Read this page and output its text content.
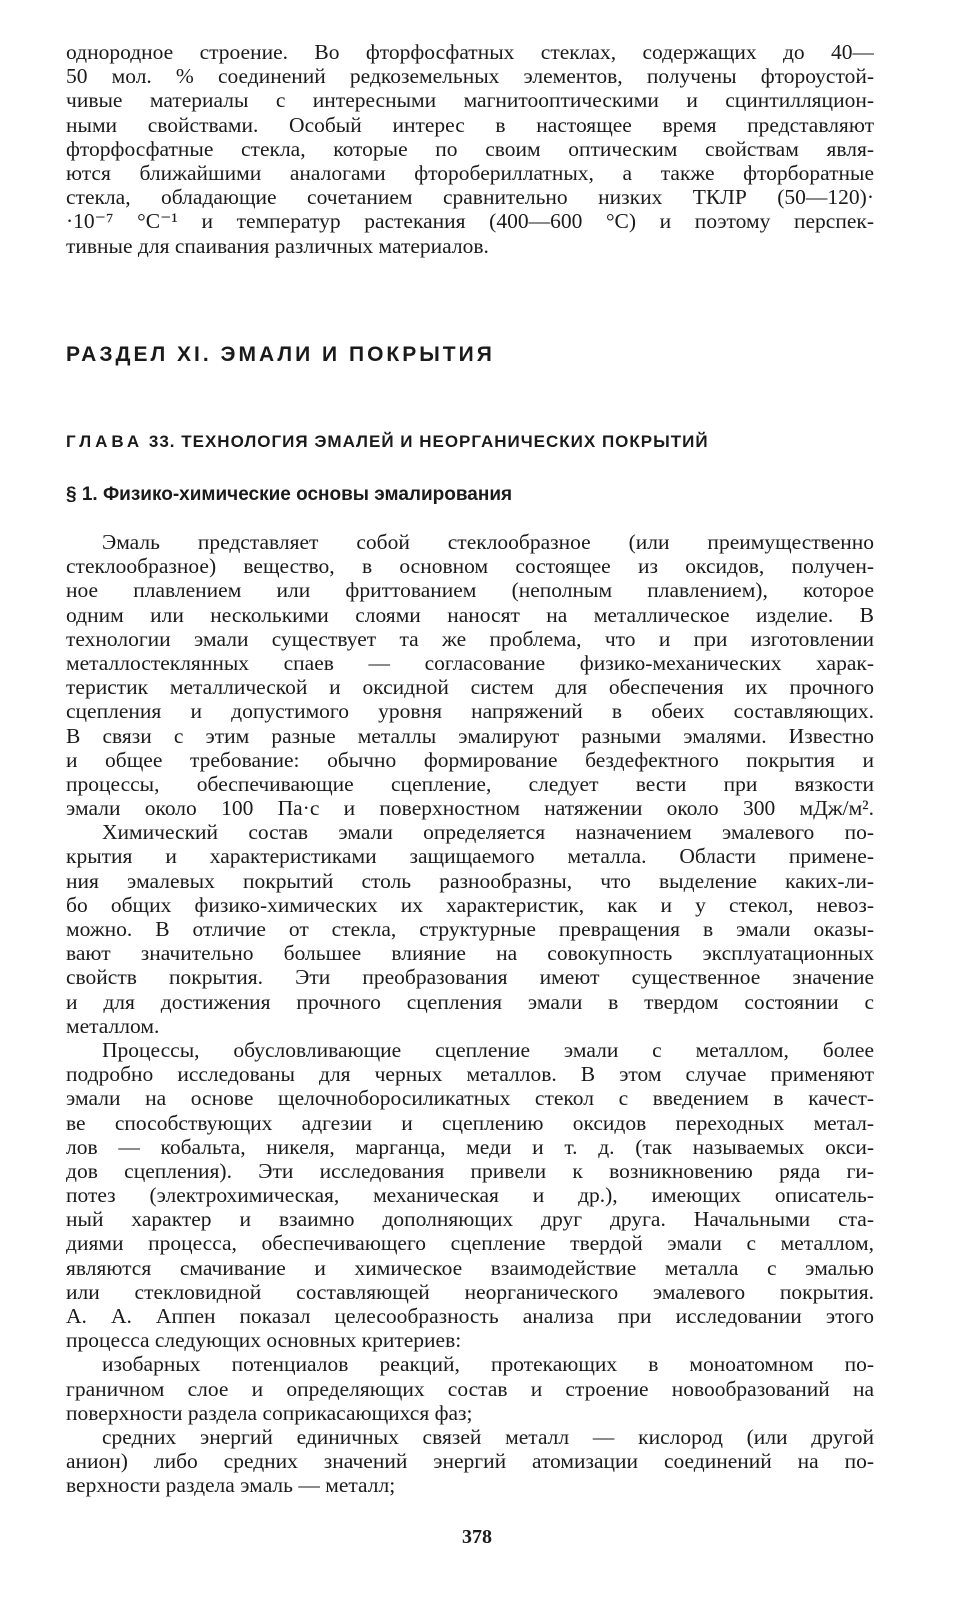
однородное строение. Во фторфосфатных стеклах, содержащих до 40—
50 мол. % соединений редкоземельных элементов, получены фтороустой-
чивые материалы с интересными магнитооптическими и сцинтилляцион-
ными свойствами. Особый интерес в настоящее время представляют
фторфосфатные стекла, которые по своим оптическим свойствам явля-
ются ближайшими аналогами фторобериллатных, а также фторборатные
стекла, обладающие сочетанием сравнительно низких ТКЛР (50—120)·
·10⁻⁷ °С⁻¹ и температур растекания (400—600 °С) и поэтому перспек-
тивные для спаивания различных материалов.
РАЗДЕЛ XI. ЭМАЛИ И ПОКРЫТИЯ
ГЛАВА 33. ТЕХНОЛОГИЯ ЭМАЛЕЙ И НЕОРГАНИЧЕСКИХ ПОКРЫТИЙ
§ 1. Физико-химические основы эмалирования
Эмаль представляет собой стеклообразное (или преимущественно
стеклообразное) вещество, в основном состоящее из оксидов, получен-
ное плавлением или фриттованием (неполным плавлением), которое
одним или несколькими слоями наносят на металлическое изделие. В
технологии эмали существует та же проблема, что и при изготовлении
металлостеклянных спаев — согласование физико-механических харак-
теристик металлической и оксидной систем для обеспечения их прочного
сцепления и допустимого уровня напряжений в обеих составляющих.
В связи с этим разные металлы эмалируют разными эмалями. Известно
и общее требование: обычно формирование бездефектного покрытия и
процессы, обеспечивающие сцепление, следует вести при вязкости
эмали около 100 Па·с и поверхностном натяжении около 300 мДж/м².
Химический состав эмали определяется назначением эмалевого по-
крытия и характеристиками защищаемого металла. Области примене-
ния эмалевых покрытий столь разнообразны, что выделение каких-ли-
бо общих физико-химических их характеристик, как и у стекол, невоз-
можно. В отличие от стекла, структурные превращения в эмали оказы-
вают значительно большее влияние на совокупность эксплуатационных
свойств покрытия. Эти преобразования имеют существенное значение
и для достижения прочного сцепления эмали в твердом состоянии с
металлом.
Процессы, обусловливающие сцепление эмали с металлом, более
подробно исследованы для черных металлов. В этом случае применяют
эмали на основе щелочноборосиликатных стекол с введением в качест-
ве способствующих адгезии и сцеплению оксидов переходных метал-
лов — кобальта, никеля, марганца, меди и т. д. (так называемых окси-
дов сцепления). Эти исследования привели к возникновению ряда ги-
потез (электрохимическая, механическая и др.), имеющих описатель-
ный характер и взаимно дополняющих друг друга. Начальными ста-
диями процесса, обеспечивающего сцепление твердой эмали с металлом,
являются смачивание и химическое взаимодействие металла с эмалью
или стекловидной составляющей неорганического эмалевого покрытия.
А. А. Аппен показал целесообразность анализа при исследовании этого
процесса следующих основных критериев:
изобарных потенциалов реакций, протекающих в моноатомном по-
граничном слое и определяющих состав и строение новообразований на
поверхности раздела соприкасающихся фаз;
средних энергий единичных связей металл — кислород (или другой
анион) либо средних значений энергий атомизации соединений на по-
верхности раздела эмаль — металл;
378
